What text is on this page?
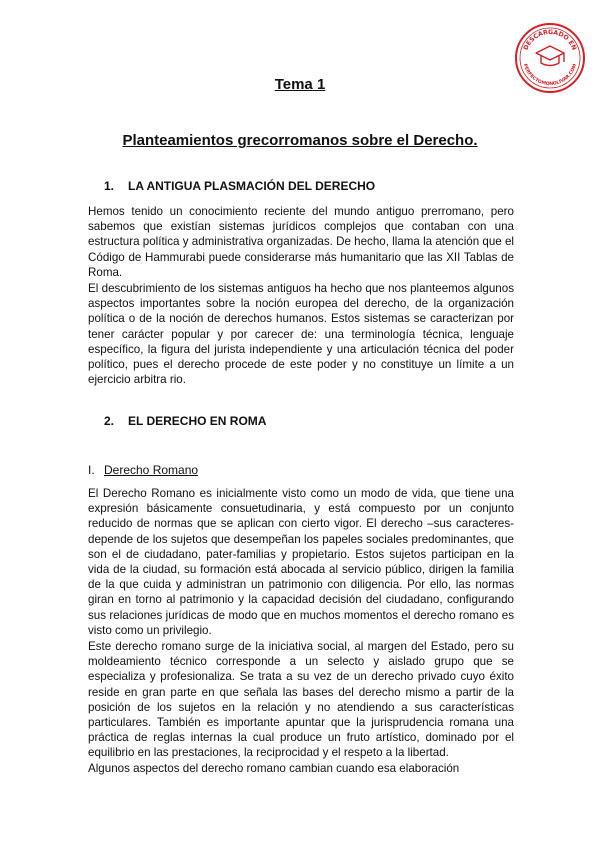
DESCARGADO EN
PERFECTOMONOLIVAR.COM
Tema 1
Planteamientos grecorromanos sobre el Derecho.
1. LA ANTIGUA PLASMACIÓN DEL DERECHO

Hemos tenido un conocimiento reciente del mundo antiguo prerromano, pero sabemos que existían sistemas jurídicos complejos que contaban con una estructura política y administrativa organizadas. De hecho, llama la atención que el Código de Hammurabi puede considerarse más humanitario que las XII Tablas de Roma.

El descubrimiento de los sistemas antiguos ha hecho que nos planteemos algunos aspectos importantes sobre la noción europea del derecho, de la organización política o de la noción de derechos humanos. Estos sistemas se caracterizan por tener carácter popular y por carecer de: una terminología técnica, lenguaje específico, la figura del jurista independiente y una articulación técnica del poder político, pues el derecho procede de este poder y no constituye un límite a un ejercicio arbitra rio.

2. EL DERECHO EN ROMA
I. Derecho Romano

El Derecho Romano es inicialmente visto como un modo de vida, que tiene una expresión básicamente consuetudinaria, y está compuesto por un conjunto reducido de normas que se aplican con cierto vigor. El derecho –sus caracteres- depende de los sujetos que desempeñan los papeles sociales predominantes, que son el de ciudadano, pater-familias y propietario. Estos sujetos participan en la vida de la ciudad, su formación está abocada al servicio público, dirigen la familia de la que cuida y administran un patrimonio con diligencia. Por ello, las normas giran en torno al patrimonio y la capacidad decisión del ciudadano, configurando sus relaciones jurídicas de modo que en muchos momentos el derecho romano es visto como un privilegio.

Este derecho romano surge de la iniciativa social, al margen del Estado, pero su moldeamiento técnico corresponde a un selecto y aislado grupo que se especializa y profesionaliza. Se trata a su vez de un derecho privado cuyo éxito reside en gran parte en que señala las bases del derecho mismo a partir de la posición de los sujetos en la relación y no atendiendo a sus características particulares. También es importante apuntar que la jurisprudencia romana una práctica de reglas internas la cual produce un fruto artístico, dominado por el equilibrio en las prestaciones, la reciprocidad y el respeto a la libertad.

Algunos aspectos del derecho romano cambian cuando esa elaboración
